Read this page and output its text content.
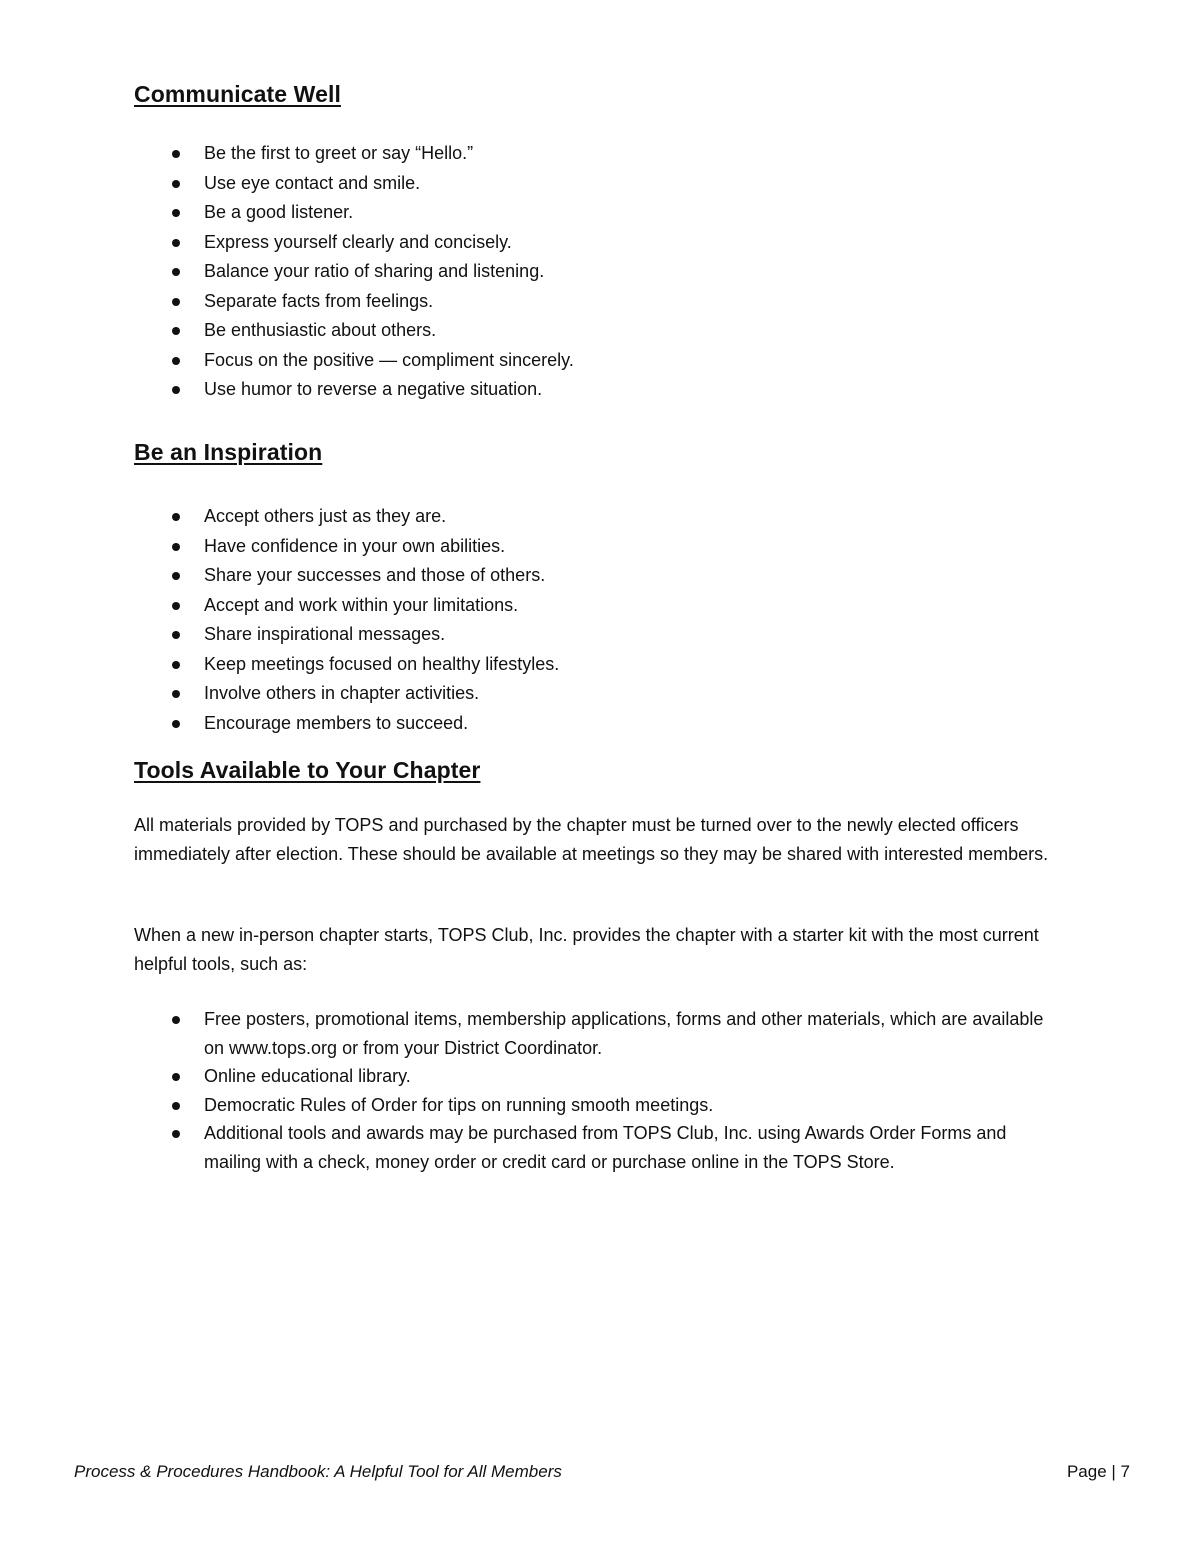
Communicate Well
Be the first to greet or say “Hello.”
Use eye contact and smile.
Be a good listener.
Express yourself clearly and concisely.
Balance your ratio of sharing and listening.
Separate facts from feelings.
Be enthusiastic about others.
Focus on the positive — compliment sincerely.
Use humor to reverse a negative situation.
Be an Inspiration
Accept others just as they are.
Have confidence in your own abilities.
Share your successes and those of others.
Accept and work within your limitations.
Share inspirational messages.
Keep meetings focused on healthy lifestyles.
Involve others in chapter activities.
Encourage members to succeed.
Tools Available to Your Chapter

All materials provided by TOPS and purchased by the chapter must be turned over to the newly elected officers immediately after election. These should be available at meetings so they may be shared with interested members.

When a new in-person chapter starts, TOPS Club, Inc. provides the chapter with a starter kit with the most current helpful tools, such as:

Free posters, promotional items, membership applications, forms and other materials, which are available on www.tops.org or from your District Coordinator.
Online educational library.
Democratic Rules of Order for tips on running smooth meetings.
Additional tools and awards may be purchased from TOPS Club, Inc. using Awards Order Forms and mailing with a check, money order or credit card or purchase online in the TOPS Store.
Process & Procedures Handbook: A Helpful Tool for All Members	Page | 7
